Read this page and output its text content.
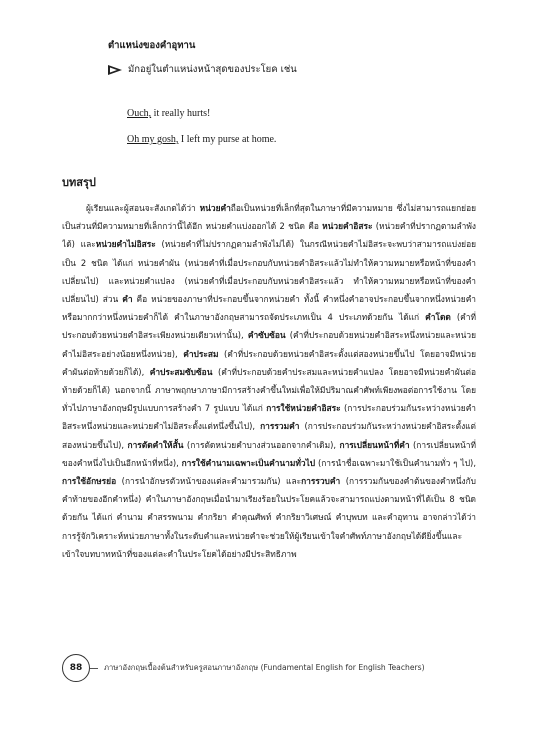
ตำแหน่งของคำอุทาน
มักอยู่ในตำแหน่งหน้าสุดของประโยค เช่น
Ouch, it really hurts!
Oh my gosh, I left my purse at home.
บทสรุป

ผู้เรียนและผู้สอนจะสังเกตได้ว่า หน่วยคำถือเป็นหน่วยที่เล็กที่สุดในภาษาที่มีความหมาย ซึ่งไม่สามารถแยกย่อยเป็นส่วนที่มีความหมายที่เล็กกว่านี้ได้อีก หน่วยคำแบ่งออกได้ 2 ชนิด คือ หน่วยคำอิสระ (หน่วยคำที่ปรากฏตามลำพังได้) และหน่วยคำไม่อิสระ (หน่วยคำที่ไม่ปรากฏตามลำพังไม่ได้) ในกรณีหน่วยคำไม่อิสระจะพบว่าสามารถแบ่งย่อยเป็น 2 ชนิด ได้แก่ หน่วยคำผัน (หน่วยคำที่เมื่อประกอบกับหน่วยคำอิสระแล้วไม่ทำให้ความหมายหรือหน้าที่ของคำเปลี่ยนไป) และหน่วยคำแปลง (หน่วยคำที่เมื่อประกอบกับหน่วยคำอิสระแล้ว ทำให้ความหมายหรือหน้าที่ของคำเปลี่ยนไป) ส่วน คำ คือ หน่วยของภาษาที่ประกอบขึ้นจากหน่วยคำ ทั้งนี้ คำหนึ่งคำอาจประกอบขึ้นจากหนึ่งหน่วยคำหรือมากกว่าหนึ่งหน่วยคำก็ได้ คำในภาษาอังกฤษสามารถจัดประเภทเป็น 4 ประเภทด้วยกัน ได้แก่ คำโดด (คำที่ประกอบด้วยหน่วยคำอิสระเพียงหน่วยเดียวเท่านั้น), คำซับซ้อน (คำที่ประกอบด้วยหน่วยคำอิสระหนึ่งหน่วยและหน่วยคำไม่อิสระอย่างน้อยหนึ่งหน่วย), คำประสม (คำที่ประกอบด้วยหน่วยคำอิสระตั้งแต่สองหน่วยขึ้นไป โดยอาจมีหน่วยคำผันต่อท้ายด้วยก็ได้), คำประสมซับซ้อน (คำที่ประกอบด้วยคำประสมและหน่วยคำแปลง โดยอาจมีหน่วยคำผันต่อท้ายด้วยก็ได้) นอกจากนี้ ภาษาพฤกษาภาษามีการสร้างคำขึ้นใหม่เพื่อให้มีปริมาณคำศัพท์เพียงพอต่อการใช้งาน โดยทั่วไปภาษาอังกฤษมีรูปแบบการสร้างคำ 7 รูปแบบ ได้แก่ การใช้หน่วยคำอิสระ (การประกอบร่วมกันระหว่างหน่วยคำอิสระหนึ่งหน่วยและหน่วยคำไม่อิสระตั้งแต่หนึ่งขึ้นไป), การรวมคำ (การประกอบร่วมกันระหว่างหน่วยคำอิสระตั้งแต่สองหน่วยขึ้นไป), การตัดคำให้สั้น (การตัดหน่วยคำบางส่วนออกจากคำเดิม), การเปลี่ยนหน้าที่คำ (การเปลี่ยนหน้าที่ของคำหนึ่งไปเป็นอีกหน้าที่หนึ่ง), การใช้คำนามเฉพาะเป็นคำนามทั่วไป (การนำชื่อเฉพาะมาใช้เป็นคำนามทั่ว ๆ ไป), การใช้อักษรย่อ (การนำอักษรตัวหน้าของแต่ละคำมารวมกัน) และการรวบคำ (การรวมกันของคำต้นของคำหนึ่งกับคำท้ายของอีกคำหนึ่ง) คำในภาษาอังกฤษเมื่อนำมาเรียงร้อยในประโยคแล้วจะสามารถแบ่งตามหน้าที่ได้เป็น 8 ชนิดด้วยกัน ได้แก่ คำนาม คำสรรพนาม คำกริยา คำคุณศัพท์ คำกริยาวิเศษณ์ คำบุพบท และคำอุทาน อาจกล่าวได้ว่า การรู้จักวิเคราะห์หน่วยภาษาทั้งในระดับคำและหน่วยคำจะช่วยให้ผู้เรียนเข้าใจคำศัพท์ภาษาอังกฤษได้ดียิ่งขึ้นและเข้าใจบทบาทหน้าที่ของแต่ละคำในประโยคได้อย่างมีประสิทธิภาพ

88	ภาษาอังกฤษเบื้องต้นสำหรับครูสอนภาษาอังกฤษ (Fundamental English for English Teachers)
